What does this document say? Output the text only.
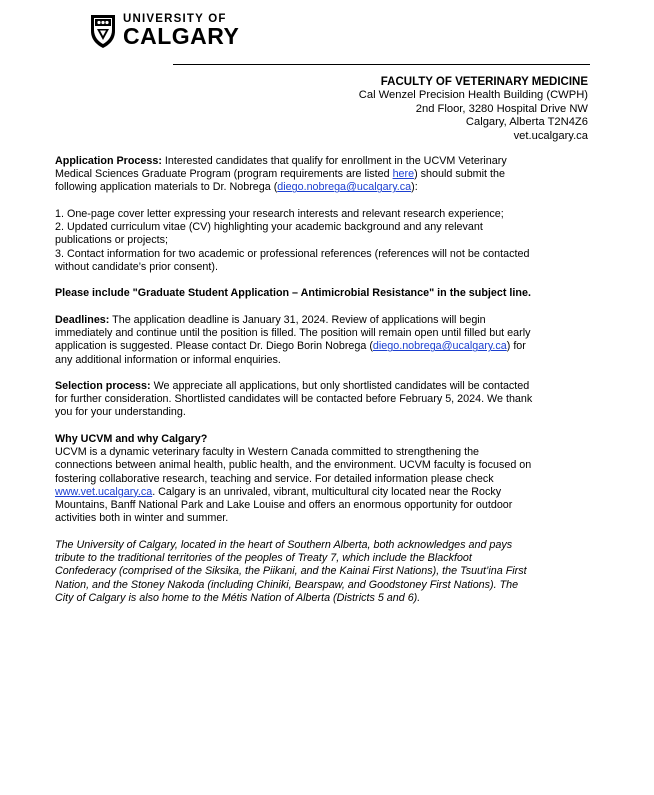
UNIVERSITY OF
CALGARY
FACULTY OF VETERINARY MEDICINE
Cal Wenzel Precision Health Building (CWPH)
2nd Floor, 3280 Hospital Drive NW
Calgary, Alberta T2N4Z6
vet.ucalgary.ca

Application Process: Interested candidates that qualify for enrollment in the UCVM Veterinary

Medical Sciences Graduate Program (program requirements are listed here) should submit the

following application materials to Dr. Nobrega (diego.nobrega@ucalgary.ca):

1. One-page cover letter expressing your research interests and relevant research experience;

2. Updated curriculum vitae (CV) highlighting your academic background and any relevant

publications or projects;

3. Contact information for two academic or professional references (references will not be contacted

without candidate’s prior consent).

Please include "Graduate Student Application – Antimicrobial Resistance" in the subject line.

Deadlines: The application deadline is January 31, 2024. Review of applications will begin

immediately and continue until the position is filled. The position will remain open until filled but early

application is suggested. Please contact Dr. Diego Borin Nobrega (diego.nobrega@ucalgary.ca) for

any additional information or informal enquiries.

Selection process: We appreciate all applications, but only shortlisted candidates will be contacted

for further consideration. Shortlisted candidates will be contacted before February 5, 2024. We thank

you for your understanding.

Why UCVM and why Calgary?

UCVM is a dynamic veterinary faculty in Western Canada committed to strengthening the

connections between animal health, public health, and the environment. UCVM faculty is focused on

fostering collaborative research, teaching and service. For detailed information please check

www.vet.ucalgary.ca. Calgary is an unrivaled, vibrant, multicultural city located near the Rocky

Mountains, Banff National Park and Lake Louise and offers an enormous opportunity for outdoor

activities both in winter and summer.

The University of Calgary, located in the heart of Southern Alberta, both acknowledges and pays

tribute to the traditional territories of the peoples of Treaty 7, which include the Blackfoot

Confederacy (comprised of the Siksika, the Piikani, and the Kainai First Nations), the Tsuut’ina First

Nation, and the Stoney Nakoda (including Chiniki, Bearspaw, and Goodstoney First Nations). The

City of Calgary is also home to the Métis Nation of Alberta (Districts 5 and 6).
